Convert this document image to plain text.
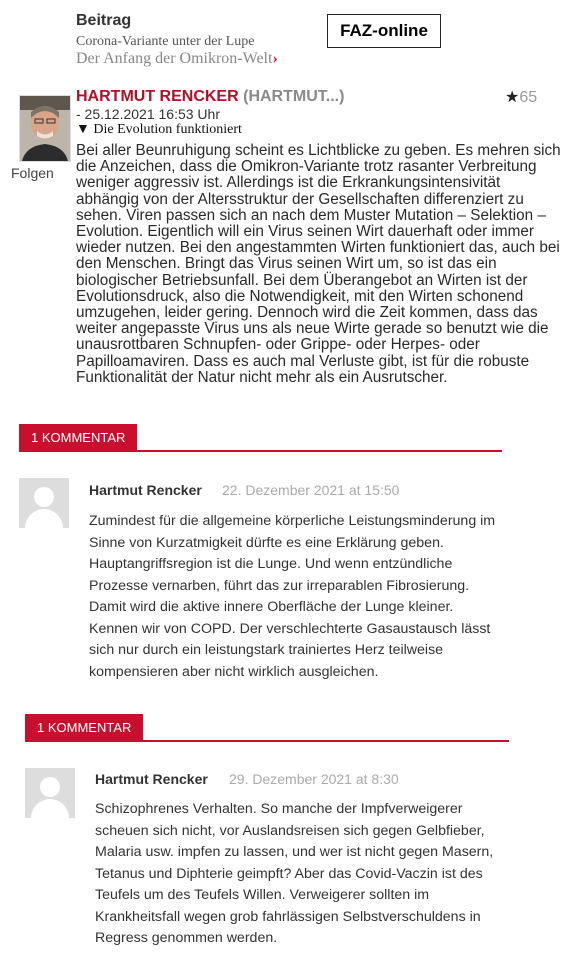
Beitrag
Corona-Variante unter der Lupe
Der Anfang der Omikron-Welt›
FAZ-online
Folgen
HARTMUT RENCKER (HARTMUT...)	★65
- 25.12.2021 16:53 Uhr
▼ Die Evolution funktioniert
Bei aller Beunruhigung scheint es Lichtblicke zu geben. Es mehren sich die Anzeichen, dass die Omikron-Variante trotz rasanter Verbreitung weniger aggressiv ist. Allerdings ist die Erkrankungsintensivität abhängig von der Altersstruktur der Gesellschaften differenziert zu sehen. Viren passen sich an nach dem Muster Mutation – Selektion – Evolution. Eigentlich will ein Virus seinen Wirt dauerhaft oder immer wieder nutzen. Bei den angestammten Wirten funktioniert das, auch bei den Menschen. Bringt das Virus seinen Wirt um, so ist das ein biologischer Betriebsunfall. Bei dem Überangebot an Wirten ist der Evolutionsdruck, also die Notwendigkeit, mit den Wirten schonend umzugehen, leider gering. Dennoch wird die Zeit kommen, dass das weiter angepasste Virus uns als neue Wirte gerade so benutzt wie die unausrottbaren Schnupfen- oder Grippe- oder Herpes- oder Papilloamaviren. Dass es auch mal Verluste gibt, ist für die robuste Funktionalität der Natur nicht mehr als ein Ausrutscher.
1 KOMMENTAR
Hartmut Rencker 22. Dezember 2021 at 15:50
Zumindest für die allgemeine körperliche Leistungsminderung im Sinne von Kurzatmigkeit dürfte es eine Erklärung geben. Hauptangriffsregion ist die Lunge. Und wenn entzündliche Prozesse vernarben, führt das zur irreparablen Fibrosierung. Damit wird die aktive innere Oberfläche der Lunge kleiner. Kennen wir von COPD. Der verschlechterte Gasaustausch lässt sich nur durch ein leistungstark trainiertes Herz teilweise kompensieren aber nicht wirklich ausgleichen.
1 KOMMENTAR
Hartmut Rencker 29. Dezember 2021 at 8:30
Schizophrenes Verhalten. So manche der Impfverweigerer scheuen sich nicht, vor Auslandsreisen sich gegen Gelbfieber, Malaria usw. impfen zu lassen, und wer ist nicht gegen Masern, Tetanus und Diphterie geimpft? Aber das Covid-Vaczin ist des Teufels um des Teufels Willen. Verweigerer sollten im Krankheitsfall wegen grob fahrlässigen Selbstverschuldens in Regress genommen werden.
